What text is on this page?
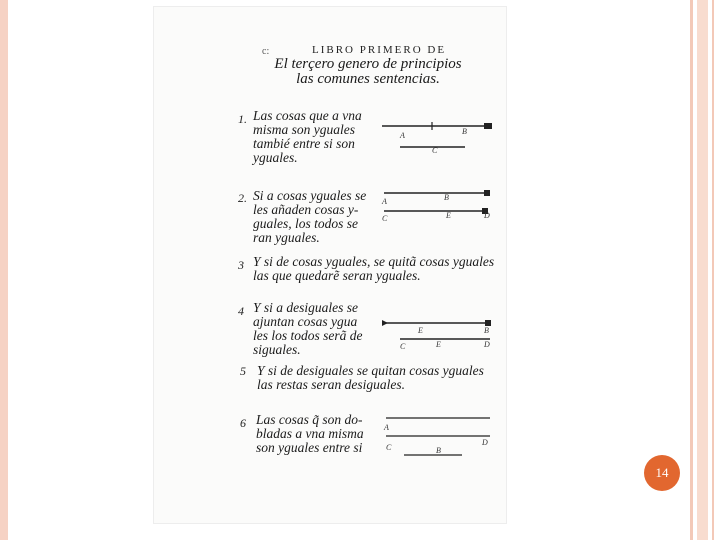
c:	LIBRO PRIMERO DE
El terçero genero de principios las comunes sentencias.
1. Las cosas que a vna
misma son yguales
tambié entre si son
yguales.
A	B
C
2. Si a cosas yguales se
les añaden cosas y-
guales, los todos se
ran yguales.
A	B
C	E	D
3 Y si de cosas yguales, se quitã cosas yguales
las que quedarẽ seran yguales.
4 Y si a desiguales se
ajuntan cosas ygua
les los todos serã de
siguales.
E	B
C	E	D
5 Y si de desiguales se quitan cosas yguales
las restas seran desiguales.
6 Las cosas q̃ son do-
bladas a vna misma
son yguales entre si
A
C
D
B
14
